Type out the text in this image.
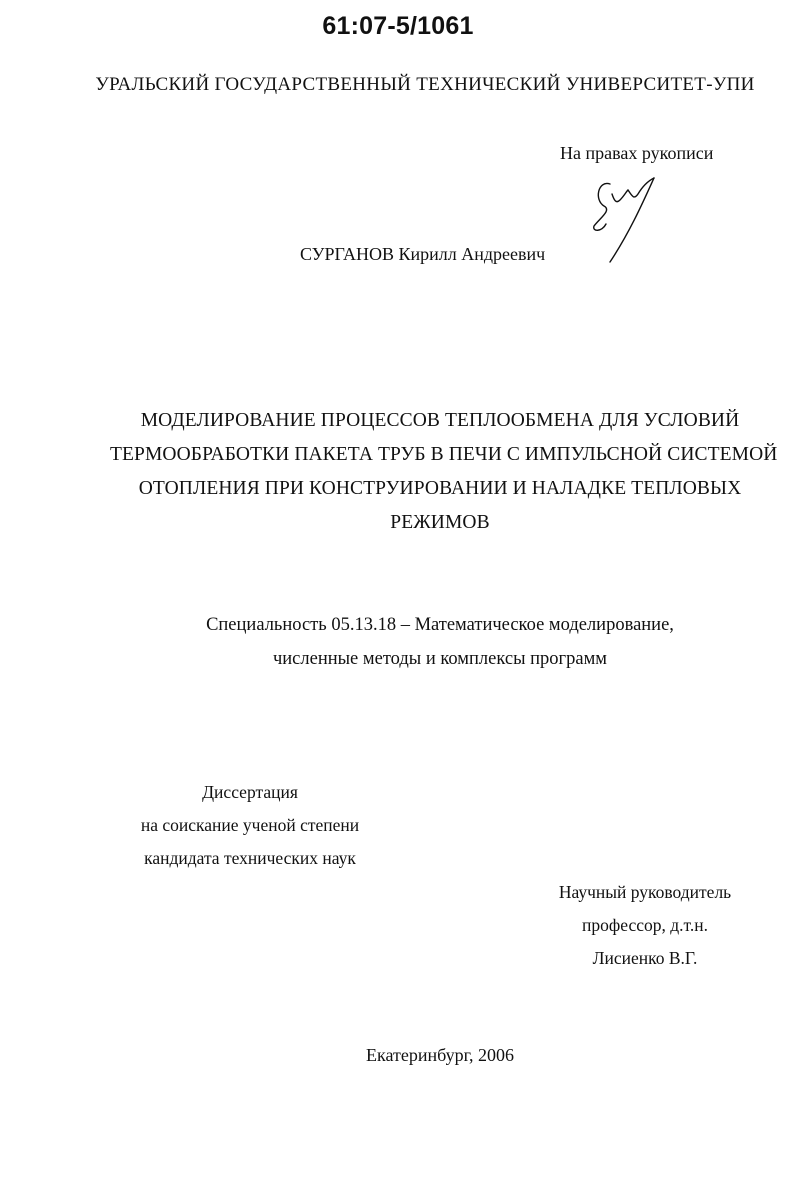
61:07-5/1061
УРАЛЬСКИЙ ГОСУДАРСТВЕННЫЙ ТЕХНИЧЕСКИЙ УНИВЕРСИТЕТ-УПИ
На правах рукописи
СУРГАНОВ Кирилл Андреевич
МОДЕЛИРОВАНИЕ ПРОЦЕССОВ ТЕПЛООБМЕНА ДЛЯ УСЛОВИЙ
ТЕРМООБРАБОТКИ ПАКЕТА ТРУБ В ПЕЧИ С ИМПУЛЬСНОЙ СИСТЕМОЙ
ОТОПЛЕНИЯ ПРИ КОНСТРУИРОВАНИИ И НАЛАДКЕ ТЕПЛОВЫХ
РЕЖИМОВ
Специальность 05.13.18 – Математическое моделирование,
численные методы и комплексы программ
Диссертация
на соискание ученой степени
кандидата технических наук
Научный руководитель
профессор, д.т.н.
Лисиенко В.Г.
Екатеринбург, 2006
